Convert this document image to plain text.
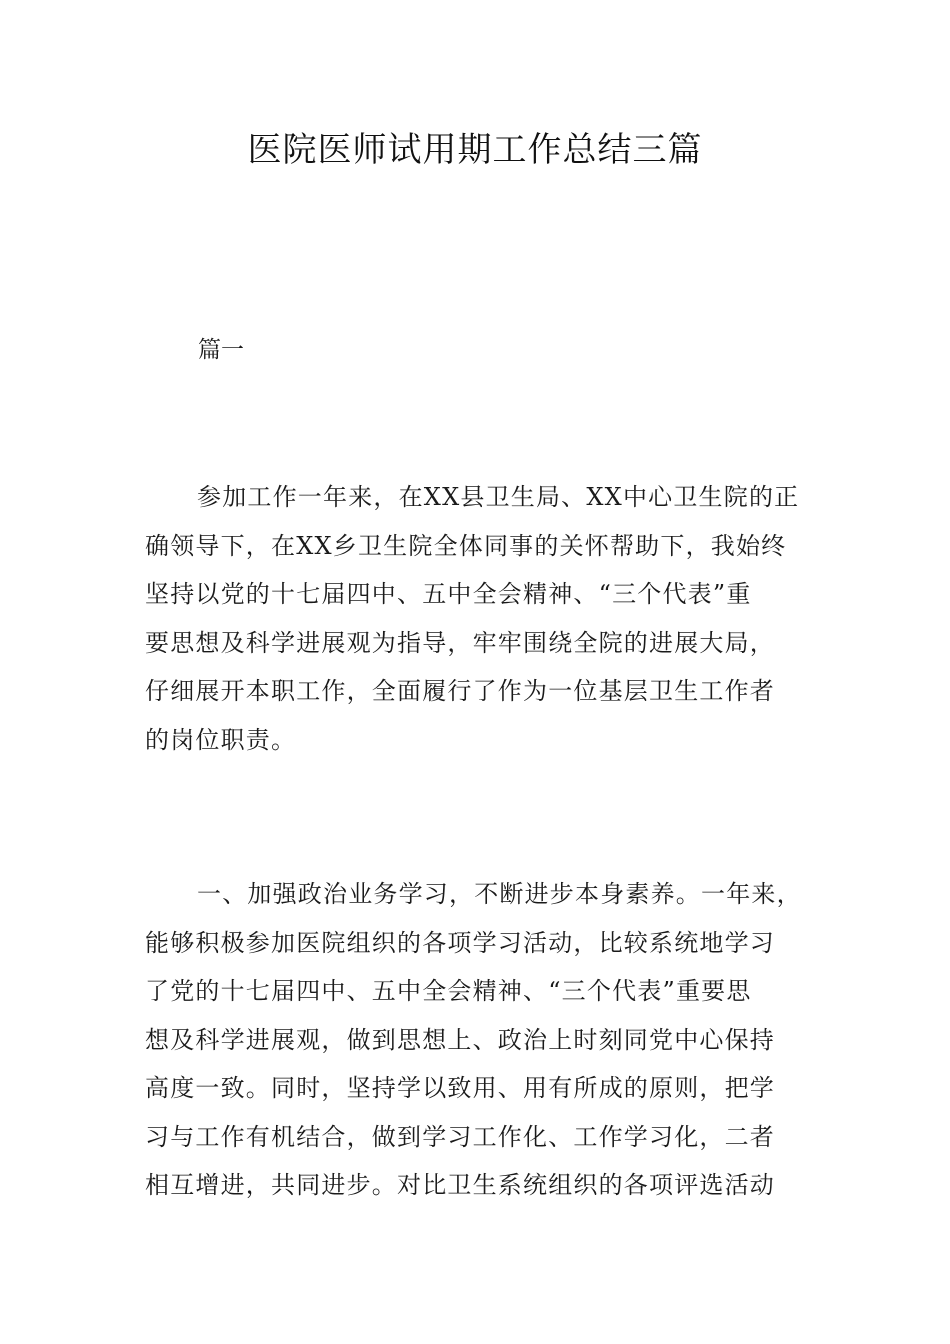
医院医师试用期工作总结三篇

篇一

参加工作一年来，在XX县卫生局、XX中心卫生院的正
确领导下，在XX乡卫生院全体同事的关怀帮助下，我始终
坚持以党的十七届四中、五中全会精神、“三个代表”重
要思想及科学进展观为指导，牢牢围绕全院的进展大局，
仔细展开本职工作，全面履行了作为一位基层卫生工作者
的岗位职责。
一、加强政治业务学习，不断进步本身素养。一年来，
能够积极参加医院组织的各项学习活动，比较系统地学习
了党的十七届四中、五中全会精神、“三个代表”重要思
想及科学进展观，做到思想上、政治上时刻同党中心保持
高度一致。同时，坚持学以致用、用有所成的原则，把学
习与工作有机结合，做到学习工作化、工作学习化，二者
相互增进，共同进步。对比卫生系统组织的各项评选活动
